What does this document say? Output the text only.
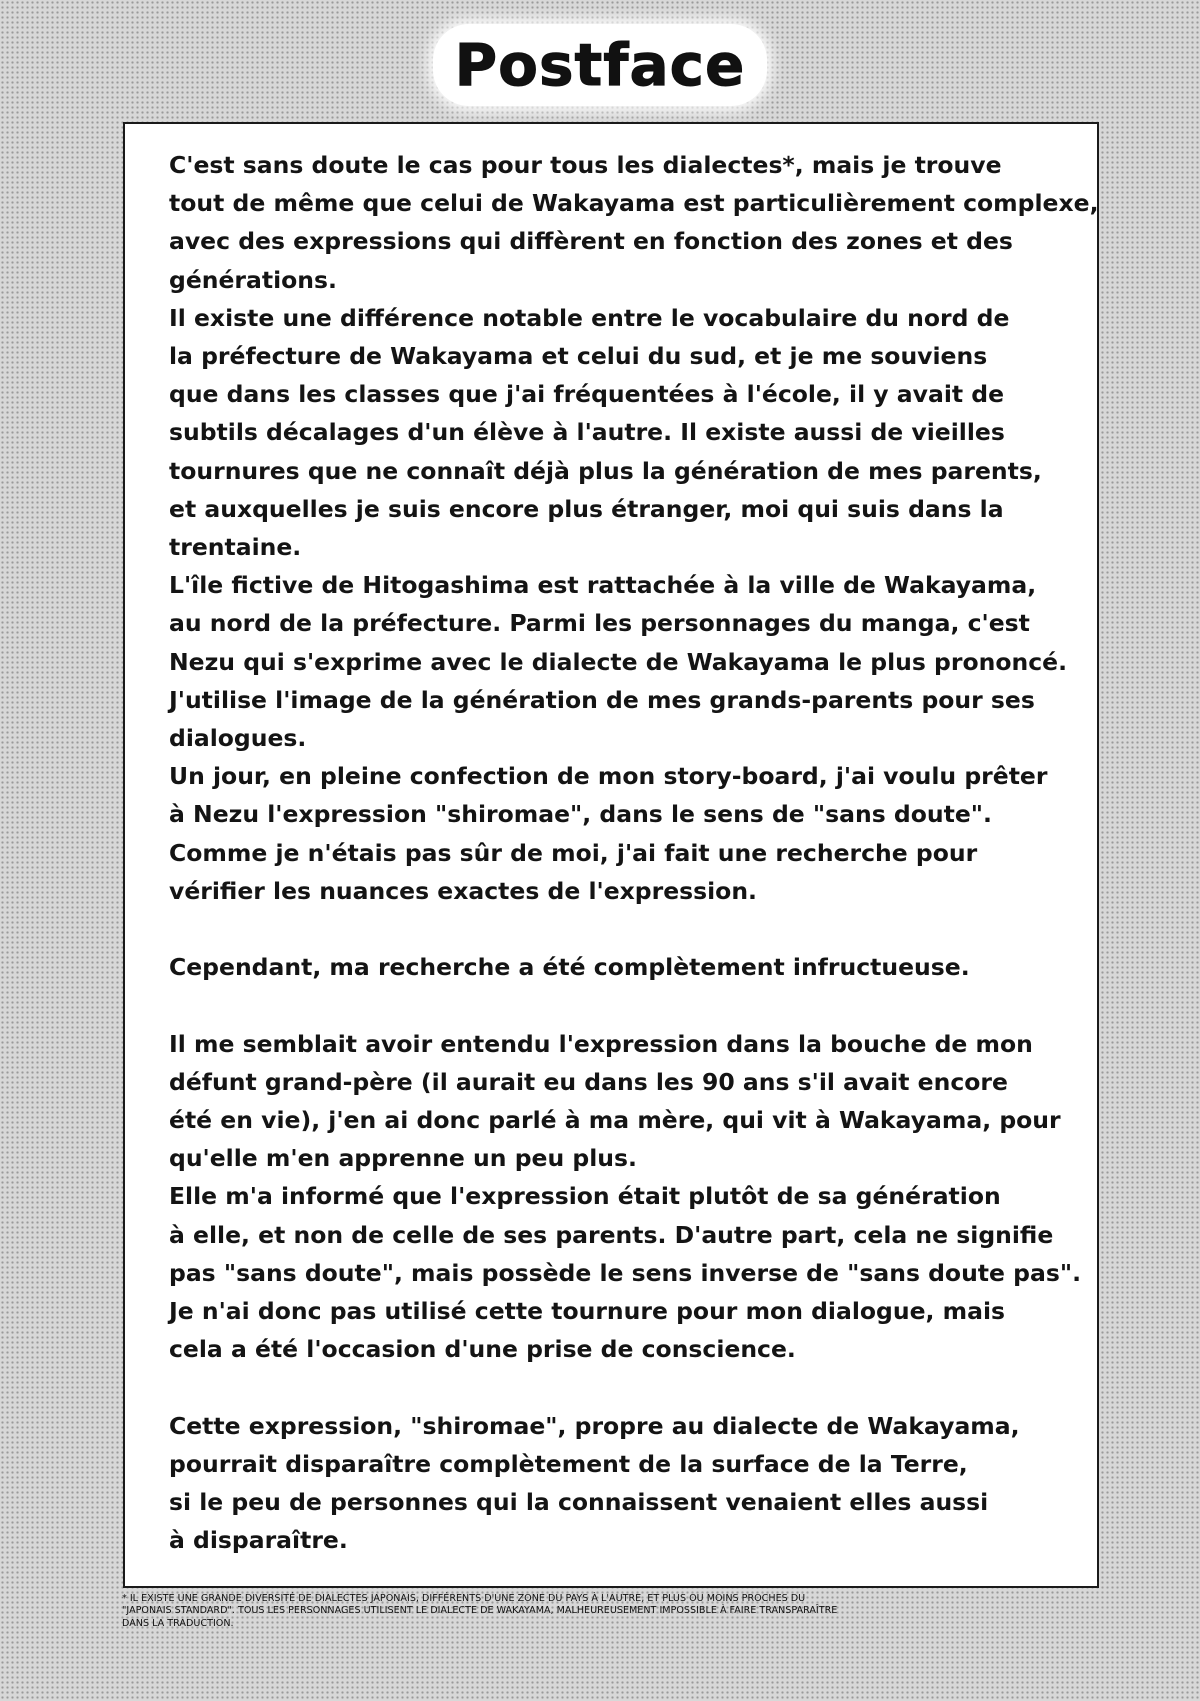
Postface

C'est sans doute le cas pour tous les dialectes*, mais je trouve
tout de même que celui de Wakayama est particulièrement complexe,
avec des expressions qui diffèrent en fonction des zones et des
générations.

Il existe une différence notable entre le vocabulaire du nord de
la préfecture de Wakayama et celui du sud, et je me souviens
que dans les classes que j'ai fréquentées à l'école, il y avait de
subtils décalages d'un élève à l'autre. Il existe aussi de vieilles
tournures que ne connaît déjà plus la génération de mes parents,
et auxquelles je suis encore plus étranger, moi qui suis dans la
trentaine.

L'île fictive de Hitogashima est rattachée à la ville de Wakayama,
au nord de la préfecture. Parmi les personnages du manga, c'est
Nezu qui s'exprime avec le dialecte de Wakayama le plus prononcé.
J'utilise l'image de la génération de mes grands-parents pour ses
dialogues.

Un jour, en pleine confection de mon story-board, j'ai voulu prêter
à Nezu l'expression "shiromae", dans le sens de "sans doute".
Comme je n'étais pas sûr de moi, j'ai fait une recherche pour
vérifier les nuances exactes de l'expression.

Cependant, ma recherche a été complètement infructueuse.

Il me semblait avoir entendu l'expression dans la bouche de mon
défunt grand-père (il aurait eu dans les 90 ans s'il avait encore
été en vie), j'en ai donc parlé à ma mère, qui vit à Wakayama, pour
qu'elle m'en apprenne un peu plus.

Elle m'a informé que l'expression était plutôt de sa génération
à elle, et non de celle de ses parents. D'autre part, cela ne signifie
pas "sans doute", mais possède le sens inverse de "sans doute pas".
Je n'ai donc pas utilisé cette tournure pour mon dialogue, mais
cela a été l'occasion d'une prise de conscience.

Cette expression, "shiromae", propre au dialecte de Wakayama,
pourrait disparaître complètement de la surface de la Terre,
si le peu de personnes qui la connaissent venaient elles aussi
à disparaître.

* IL EXISTE UNE GRANDE DIVERSITÉ DE DIALECTES JAPONAIS, DIFFÉRENTS D'UNE ZONE DU PAYS À L'AUTRE, ET PLUS OU MOINS PROCHES DU
"JAPONAIS STANDARD". TOUS LES PERSONNAGES UTILISENT LE DIALECTE DE WAKAYAMA, MALHEUREUSEMENT IMPOSSIBLE À FAIRE TRANSPARAÎTRE
DANS LA TRADUCTION.
